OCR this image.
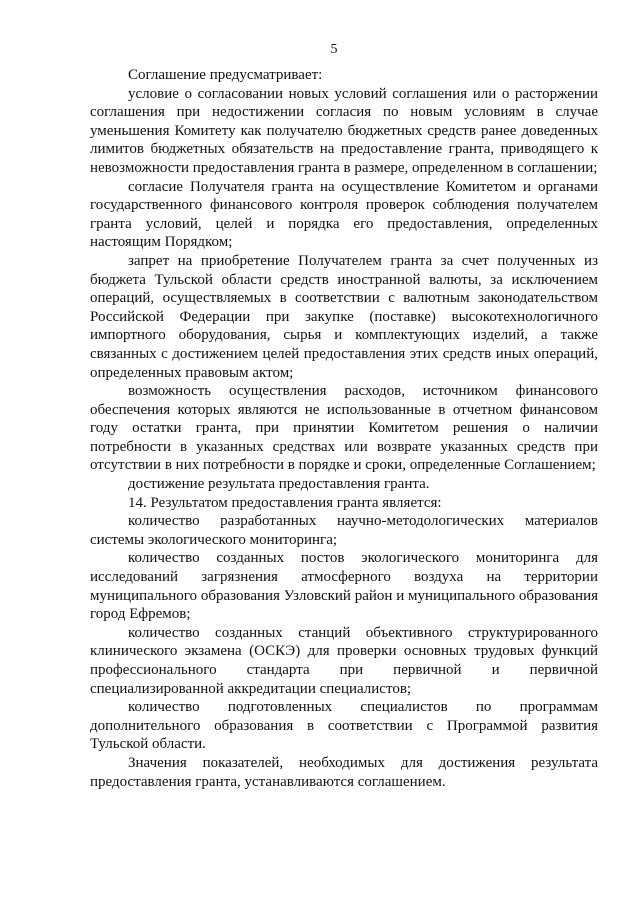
5

Соглашение предусматривает:

условие о согласовании новых условий соглашения или о расторжении соглашения при недостижении согласия по новым условиям в случае уменьшения Комитету как получателю бюджетных средств ранее доведенных лимитов бюджетных обязательств на предоставление гранта, приводящего к невозможности предоставления гранта в размере, определенном в соглашении;

согласие Получателя гранта на осуществление Комитетом и органами государственного финансового контроля проверок соблюдения получателем гранта условий, целей и порядка его предоставления, определенных настоящим Порядком;

запрет на приобретение Получателем гранта за счет полученных из бюджета Тульской области средств иностранной валюты, за исключением операций, осуществляемых в соответствии с валютным законодательством Российской Федерации при закупке (поставке) высокотехнологичного импортного оборудования, сырья и комплектующих изделий, а также связанных с достижением целей предоставления этих средств иных операций, определенных правовым актом;

возможность осуществления расходов, источником финансового обеспечения которых являются не использованные в отчетном финансовом году остатки гранта, при принятии Комитетом решения о наличии потребности в указанных средствах или возврате указанных средств при отсутствии в них потребности в порядке и сроки, определенные Соглашением;

достижение результата предоставления гранта.

14. Результатом предоставления гранта является:

количество разработанных научно-методологических материалов системы экологического мониторинга;

количество созданных постов экологического мониторинга для исследований загрязнения атмосферного воздуха на территории муниципального образования Узловский район и муниципального образования город Ефремов;

количество созданных станций объективного структурированного клинического экзамена (ОСКЭ) для проверки основных трудовых функций профессионального стандарта при первичной и первичной специализированной аккредитации специалистов;

количество подготовленных специалистов по программам дополнительного образования в соответствии с Программой развития Тульской области.

Значения показателей, необходимых для достижения результата предоставления гранта, устанавливаются соглашением.
